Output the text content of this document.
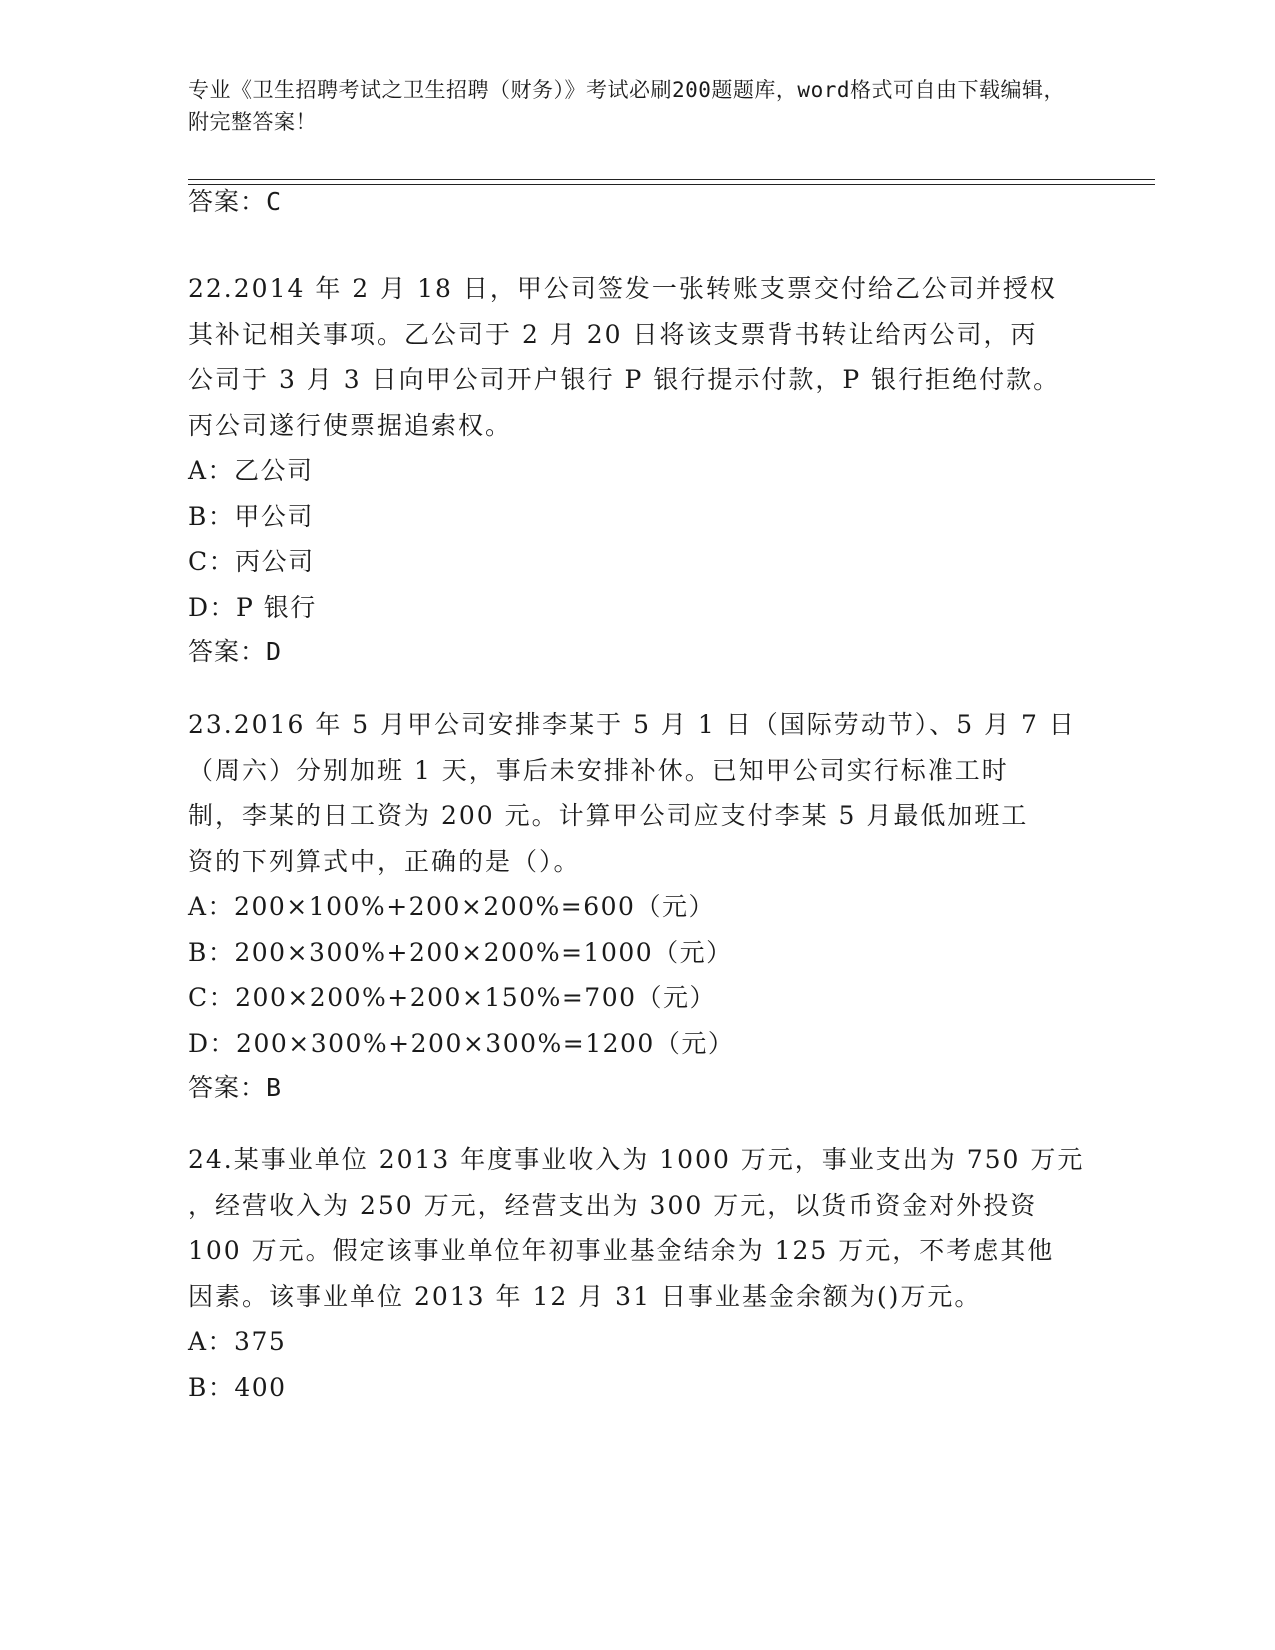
专业《卫生招聘考试之卫生招聘（财务）》考试必刷200题题库，word格式可自由下载编辑，附完整答案！
答案：C
22.2014 年 2 月 18 日，甲公司签发一张转账支票交付给乙公司并授权
其补记相关事项。乙公司于 2 月 20 日将该支票背书转让给丙公司，丙
公司于 3 月 3 日向甲公司开户银行 P 银行提示付款，P 银行拒绝付款。
丙公司遂行使票据追索权。
A：乙公司
B：甲公司
C：丙公司
D：P 银行
答案：D
23.2016 年 5 月甲公司安排李某于 5 月 1 日（国际劳动节）、5 月 7 日
（周六）分别加班 1 天，事后未安排补休。已知甲公司实行标准工时
制，李某的日工资为 200 元。计算甲公司应支付李某 5 月最低加班工
资的下列算式中，正确的是（）。
A：200×100%+200×200%=600（元）
B：200×300%+200×200%=1000（元）
C：200×200%+200×150%=700（元）
D：200×300%+200×300%=1200（元）
答案：B
24.某事业单位 2013 年度事业收入为 1000 万元，事业支出为 750 万元
，经营收入为 250 万元，经营支出为 300 万元，以货币资金对外投资
100 万元。假定该事业单位年初事业基金结余为 125 万元，不考虑其他
因素。该事业单位 2013 年 12 月 31 日事业基金余额为()万元。
A：375
B：400
